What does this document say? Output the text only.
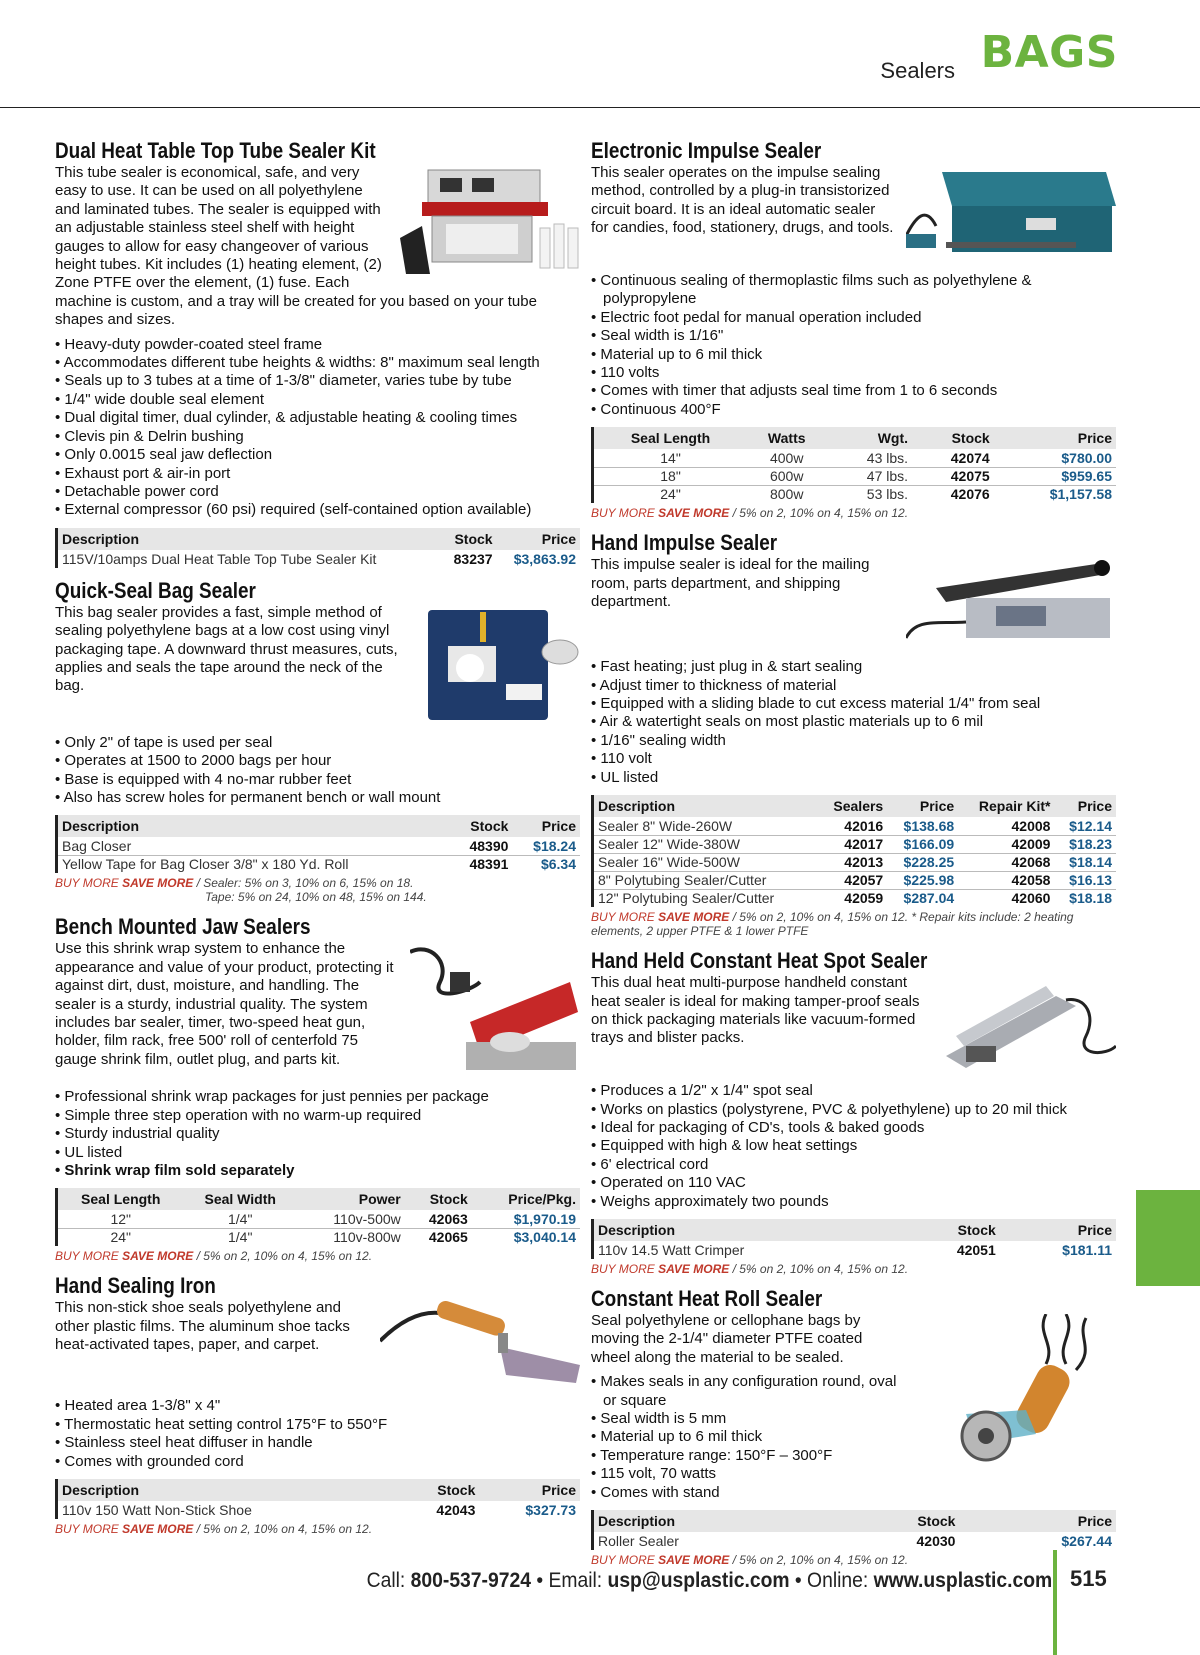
Sealers BAGS
Dual Heat Table Top Tube Sealer Kit
This tube sealer is economical, safe, and very easy to use. It can be used on all polyethylene and laminated tubes. The sealer is equipped with an adjustable stainless steel shelf with height gauges to allow for easy changeover of various height tubes. Kit includes (1) heating element, (2) Zone PTFE over the element, (1) fuse. Each machine is custom, and a tray will be created for you based on your tube shapes and sizes.
• Heavy-duty powder-coated steel frame
• Accommodates different tube heights & widths: 8" maximum seal length
• Seals up to 3 tubes at a time of 1-3/8" diameter, varies tube by tube
• 1/4" wide double seal element
• Dual digital timer, dual cylinder, & adjustable heating & cooling times
• Clevis pin & Delrin bushing
• Only 0.0015 seal jaw deflection
• Exhaust port & air-in port
• Detachable power cord
• External compressor (60 psi) required (self-contained option available)
Description	Stock	Price
115V/10amps Dual Heat Table Top Tube Sealer Kit	83237	$3,863.92
Quick-Seal Bag Sealer
This bag sealer provides a fast, simple method of sealing polyethylene bags at a low cost using vinyl packaging tape. A downward thrust measures, cuts, applies and seals the tape around the neck of the bag.
• Only 2" of tape is used per seal
• Operates at 1500 to 2000 bags per hour
• Base is equipped with 4 no-mar rubber feet
• Also has screw holes for permanent bench or wall mount
Description	Stock	Price
Bag Closer	48390	$18.24
Yellow Tape for Bag Closer 3/8" x 180 Yd. Roll	48391	$6.34
BUY MORE SAVE MORE / Sealer: 5% on 3, 10% on 6, 15% on 18.
Tape: 5% on 24, 10% on 48, 15% on 144.
Bench Mounted Jaw Sealers
Use this shrink wrap system to enhance the appearance and value of your product, protecting it against dirt, dust, moisture, and handling. The sealer is a sturdy, industrial quality. The system includes bar sealer, timer, two-speed heat gun, holder, film rack, free 500' roll of centerfold 75 gauge shrink film, outlet plug, and parts kit.
• Professional shrink wrap packages for just pennies per package
• Simple three step operation with no warm-up required
• Sturdy industrial quality
• UL listed
• Shrink wrap film sold separately
Seal Length	Seal Width	Power	Stock	Price/Pkg.
12"	1/4"	110v-500w	42063	$1,970.19
24"	1/4"	110v-800w	42065	$3,040.14
BUY MORE SAVE MORE / 5% on 2, 10% on 4, 15% on 12.
Hand Sealing Iron
This non-stick shoe seals polyethylene and other plastic films. The aluminum shoe tacks heat-activated tapes, paper, and carpet.
• Heated area 1-3/8" x 4"
• Thermostatic heat setting control 175°F to 550°F
• Stainless steel heat diffuser in handle
• Comes with grounded cord
Description	Stock	Price
110v 150 Watt Non-Stick Shoe	42043	$327.73
BUY MORE SAVE MORE / 5% on 2, 10% on 4, 15% on 12.
Electronic Impulse Sealer
This sealer operates on the impulse sealing method, controlled by a plug-in transistorized circuit board. It is an ideal automatic sealer for candies, food, stationery, drugs, and tools.
• Continuous sealing of thermoplastic films such as polyethylene & polypropylene
• Electric foot pedal for manual operation included
• Seal width is 1/16"
• Material up to 6 mil thick
• 110 volts
• Comes with timer that adjusts seal time from 1 to 6 seconds
• Continuous 400°F
Seal Length	Watts	Wgt.	Stock	Price
14"	400w	43 lbs.	42074	$780.00
18"	600w	47 lbs.	42075	$959.65
24"	800w	53 lbs.	42076	$1,157.58
BUY MORE SAVE MORE / 5% on 2, 10% on 4, 15% on 12.
Hand Impulse Sealer
This impulse sealer is ideal for the mailing room, parts department, and shipping department.
• Fast heating; just plug in & start sealing
• Adjust timer to thickness of material
• Equipped with a sliding blade to cut excess material 1/4" from seal
• Air & watertight seals on most plastic materials up to 6 mil
• 1/16" sealing width
• 110 volt
• UL listed
Description	Sealers	Price	Repair Kit*	Price
Sealer 8" Wide-260W	42016	$138.68	42008	$12.14
Sealer 12" Wide-380W	42017	$166.09	42009	$18.23
Sealer 16" Wide-500W	42013	$228.25	42068	$18.14
8" Polytubing Sealer/Cutter	42057	$225.98	42058	$16.13
12" Polytubing Sealer/Cutter	42059	$287.04	42060	$18.18
BUY MORE SAVE MORE / 5% on 2, 10% on 4, 15% on 12. * Repair kits include: 2 heating elements, 2 upper PTFE & 1 lower PTFE
Hand Held Constant Heat Spot Sealer
This dual heat multi-purpose handheld constant heat sealer is ideal for making tamper-proof seals on thick packaging materials like vacuum-formed trays and blister packs.
• Produces a 1/2" x 1/4" spot seal
• Works on plastics (polystyrene, PVC & polyethylene) up to 20 mil thick
• Ideal for packaging of CD's, tools & baked goods
• Equipped with high & low heat settings
• 6' electrical cord
• Operated on 110 VAC
• Weighs approximately two pounds
Description	Stock	Price
110v 14.5 Watt Crimper	42051	$181.11
BUY MORE SAVE MORE / 5% on 2, 10% on 4, 15% on 12.
Constant Heat Roll Sealer
Seal polyethylene or cellophane bags by moving the 2-1/4" diameter PTFE coated wheel along the material to be sealed.
• Makes seals in any configuration round, oval or square
• Seal width is 5 mm
• Material up to 6 mil thick
• Temperature range: 150°F – 300°F
• 115 volt, 70 watts
• Comes with stand
Description	Stock	Price
Roller Sealer	42030	$267.44
BUY MORE SAVE MORE / 5% on 2, 10% on 4, 15% on 12.
Call: 800-537-9724 • Email: usp@usplastic.com • Online: www.usplastic.com 515
